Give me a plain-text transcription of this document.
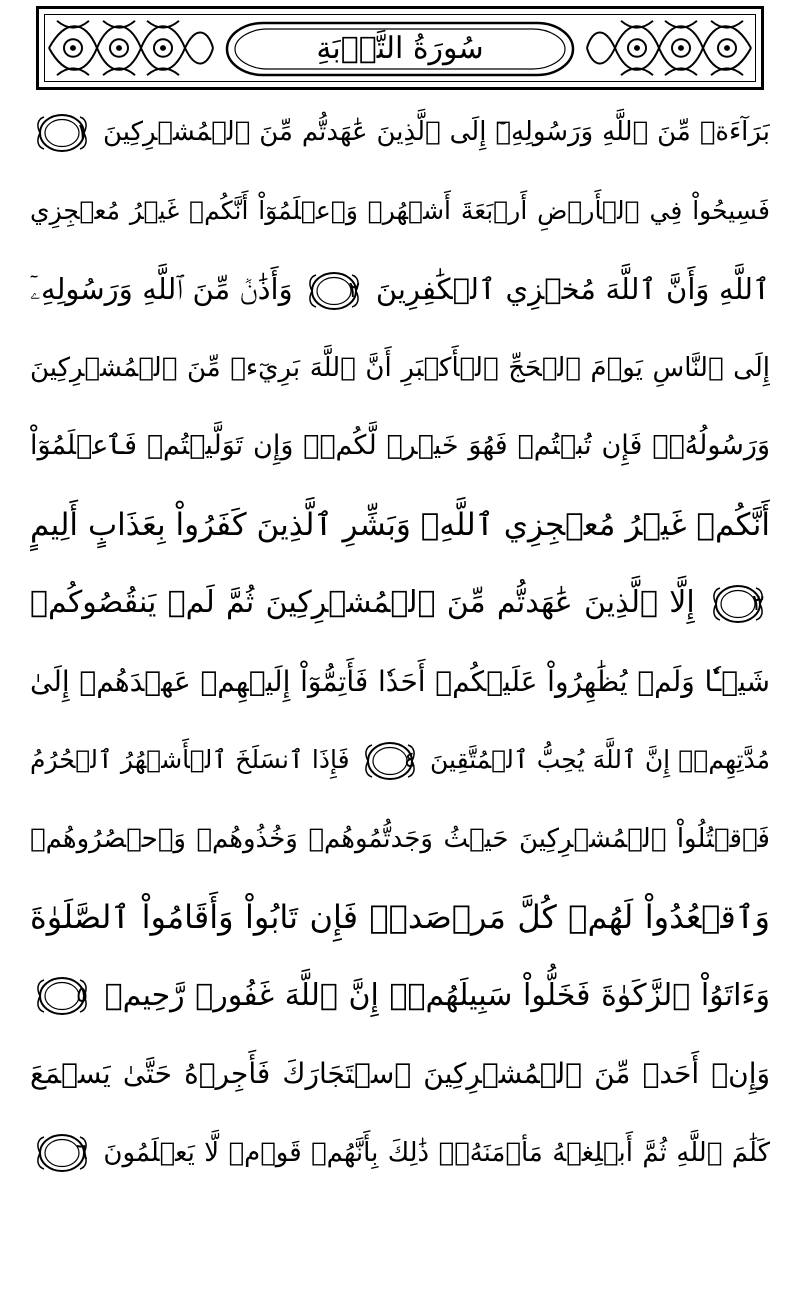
سُورَةُ التَّوۡبَةِ
بَرَآءَةٞ مِّنَ ٱللَّهِ وَرَسُولِهِۦٓ إِلَى ٱلَّذِينَ عَٰهَدتُّم مِّنَ ٱلۡمُشۡرِكِينَ
١
فَسِيحُواْ فِي ٱلۡأَرۡضِ أَرۡبَعَةَ أَشۡهُرٖ وَٱعۡلَمُوٓاْ أَنَّكُمۡ غَيۡرُ مُعۡجِزِي
ٱللَّهِ وَأَنَّ ٱللَّهَ مُخۡزِي ٱلۡكَٰفِرِينَ
٢
وَأَذَٰنٞ مِّنَ ٱللَّهِ وَرَسُولِهِۦٓ
إِلَى ٱلنَّاسِ يَوۡمَ ٱلۡحَجِّ ٱلۡأَكۡبَرِ أَنَّ ٱللَّهَ بَرِيٓءٞ مِّنَ ٱلۡمُشۡرِكِينَ
وَرَسُولُهُۥۚ فَإِن تُبۡتُمۡ فَهُوَ خَيۡرٞ لَّكُمۡۖ وَإِن تَوَلَّيۡتُمۡ فَٱعۡلَمُوٓاْ
أَنَّكُمۡ غَيۡرُ مُعۡجِزِي ٱللَّهِۗ وَبَشِّرِ ٱلَّذِينَ كَفَرُواْ بِعَذَابٍ أَلِيمٍ
٣
إِلَّا ٱلَّذِينَ عَٰهَدتُّم مِّنَ ٱلۡمُشۡرِكِينَ ثُمَّ لَمۡ يَنقُصُوكُمۡ
شَيۡـٔٗا وَلَمۡ يُظَٰهِرُواْ عَلَيۡكُمۡ أَحَدٗا فَأَتِمُّوٓاْ إِلَيۡهِمۡ عَهۡدَهُمۡ إِلَىٰ
مُدَّتِهِمۡۚ إِنَّ ٱللَّهَ يُحِبُّ ٱلۡمُتَّقِينَ
٤
فَإِذَا ٱنسَلَخَ ٱلۡأَشۡهُرُ ٱلۡحُرُمُ
فَٱقۡتُلُواْ ٱلۡمُشۡرِكِينَ حَيۡثُ وَجَدتُّمُوهُمۡ وَخُذُوهُمۡ وَٱحۡصُرُوهُمۡ
وَٱقۡعُدُواْ لَهُمۡ كُلَّ مَرۡصَدٖۚ فَإِن تَابُواْ وَأَقَامُواْ ٱلصَّلَوٰةَ
وَءَاتَوُاْ ٱلزَّكَوٰةَ فَخَلُّواْ سَبِيلَهُمۡۚ إِنَّ ٱللَّهَ غَفُورٞ رَّحِيمٞ
٥
وَإِنۡ أَحَدٞ مِّنَ ٱلۡمُشۡرِكِينَ ٱسۡتَجَارَكَ فَأَجِرۡهُ حَتَّىٰ يَسۡمَعَ
كَلَٰمَ ٱللَّهِ ثُمَّ أَبۡلِغۡهُ مَأۡمَنَهُۥۚ ذَٰلِكَ بِأَنَّهُمۡ قَوۡمٞ لَّا يَعۡلَمُونَ
٦
